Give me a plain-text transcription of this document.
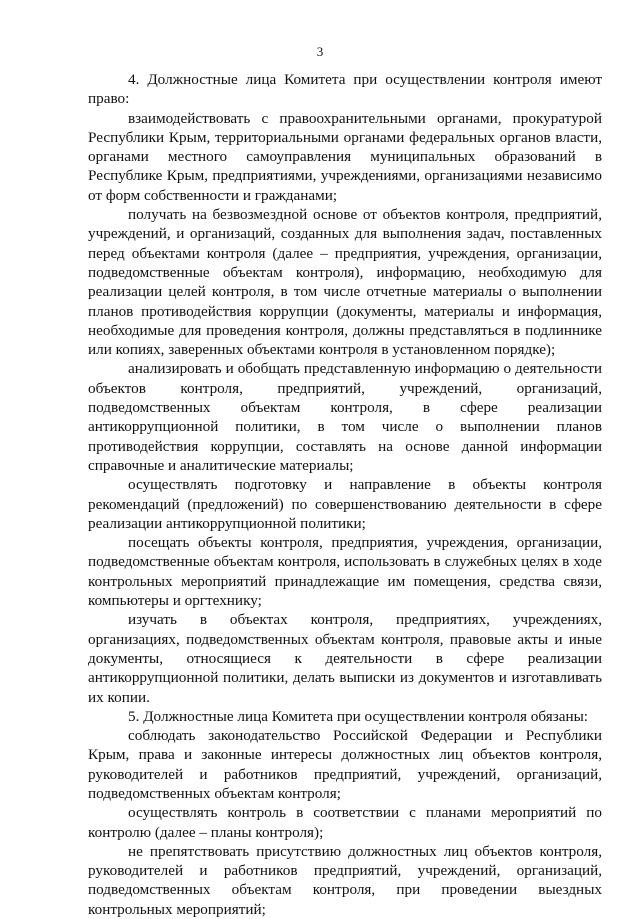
3

4. Должностные лица Комитета при осуществлении контроля имеют право:

взаимодействовать с правоохранительными органами, прокуратурой Республики Крым, территориальными органами федеральных органов власти, органами местного самоуправления муниципальных образований в Республике Крым, предприятиями, учреждениями, организациями независимо от форм собственности и гражданами;

получать на безвозмездной основе от объектов контроля, предприятий, учреждений, и организаций, созданных для выполнения задач, поставленных перед объектами контроля (далее – предприятия, учреждения, организации, подведомственные объектам контроля), информацию, необходимую для реализации целей контроля, в том числе отчетные материалы о выполнении планов противодействия коррупции (документы, материалы и информация, необходимые для проведения контроля, должны представляться в подлиннике или копиях, заверенных объектами контроля в установленном порядке);

анализировать и обобщать представленную информацию о деятельности объектов контроля, предприятий, учреждений, организаций, подведомственных объектам контроля, в сфере реализации антикоррупционной политики, в том числе о выполнении планов противодействия коррупции, составлять на основе данной информации справочные и аналитические материалы;

осуществлять подготовку и направление в объекты контроля рекомендаций (предложений) по совершенствованию деятельности в сфере реализации антикоррупционной политики;

посещать объекты контроля, предприятия, учреждения, организации, подведомственные объектам контроля, использовать в служебных целях в ходе контрольных мероприятий принадлежащие им помещения, средства связи, компьютеры и оргтехнику;

изучать в объектах контроля, предприятиях, учреждениях, организациях, подведомственных объектам контроля, правовые акты и иные документы, относящиеся к деятельности в сфере реализации антикоррупционной политики, делать выписки из документов и изготавливать их копии.

5. Должностные лица Комитета при осуществлении контроля обязаны:

соблюдать законодательство Российской Федерации и Республики Крым, права и законные интересы должностных лиц объектов контроля, руководителей и работников предприятий, учреждений, организаций, подведомственных объектам контроля;

осуществлять контроль в соответствии с планами мероприятий по контролю (далее – планы контроля);

не препятствовать присутствию должностных лиц объектов контроля, руководителей и работников предприятий, учреждений, организаций, подведомственных объектам контроля, при проведении выездных контрольных мероприятий;
